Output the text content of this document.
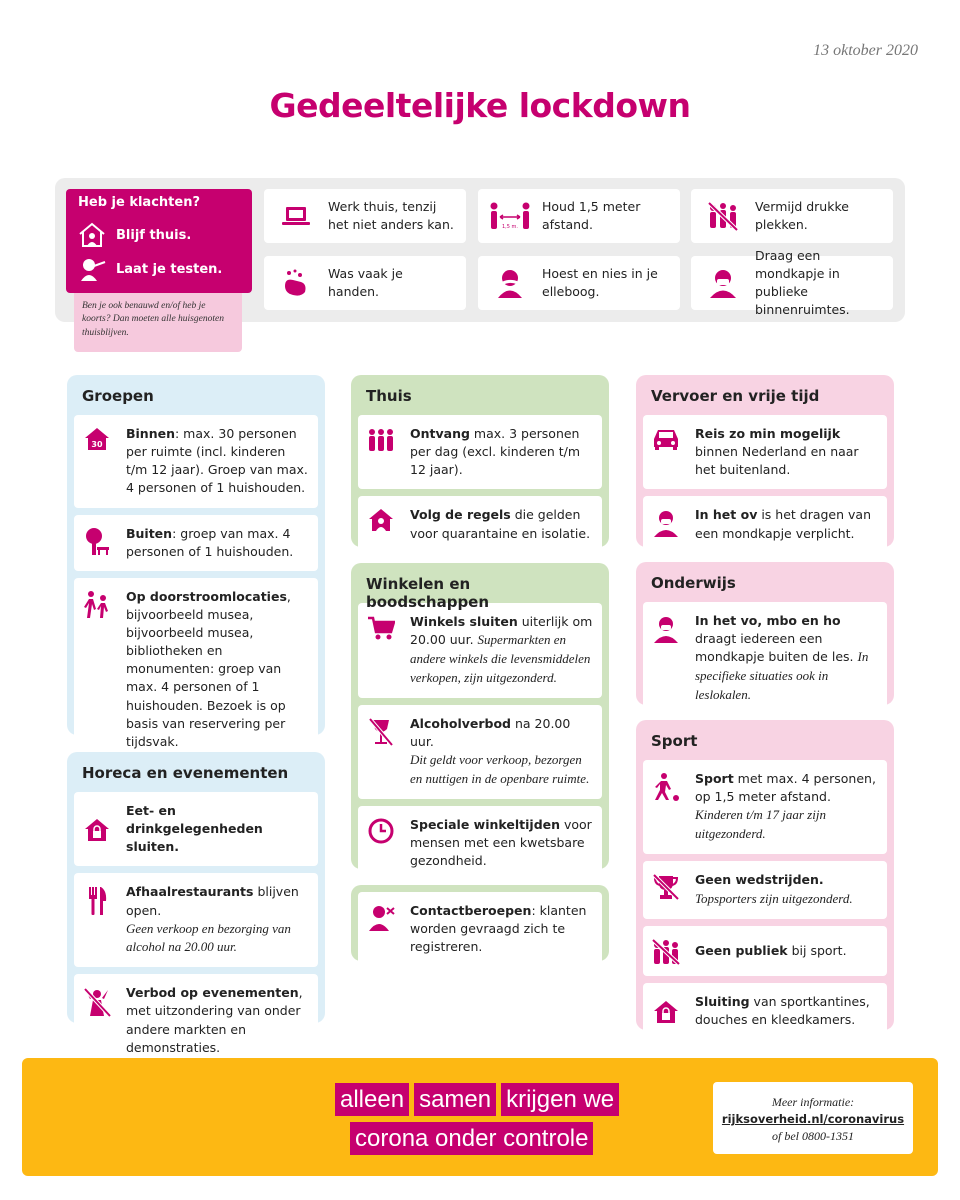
13 oktober 2020
Gedeeltelijke lockdown
Heb je klachten?
Blijf thuis.
Laat je testen.
Ben je ook benauwd en/of heb je koorts? Dan moeten alle huisgenoten thuisblijven.
Werk thuis, tenzij het niet anders kan.	1,5 m.
Houd 1,5 meter afstand.
Vermijd drukke plekken.
Was vaak je handen.
Hoest en nies in je elleboog.
Draag een mondkapje in publieke binnenruimtes.
Groepen
30
Binnen: max. 30 personen per ruimte (incl. kinderen t/m 12 jaar). Groep van max. 4 personen of 1 huishouden.
Buiten: groep van max. 4 personen of 1 huishouden.
Op doorstroomlocaties, bijvoorbeeld musea, bijvoorbeeld musea, bibliotheken en monumenten: groep van max. 4 personen of 1 huishouden. Bezoek is op basis van reservering per tijdsvak.
Horeca en evenementen
Eet- en drinkgelegenheden sluiten.
Afhaalrestaurants blijven open.
Geen verkoop en bezorging van alcohol na 20.00 uur.
Verbod op evenementen, met uitzondering van onder andere markten en demonstraties.
Thuis
Ontvang max. 3 personen per dag (excl. kinderen t/m 12 jaar).
Volg de regels die gelden voor quarantaine en isolatie.
Winkelen en boodschappen
Winkels sluiten uiterlijk om 20.00 uur. Supermarkten en andere winkels die levensmiddelen verkopen, zijn uitgezonderd.
Alcoholverbod na 20.00 uur.
Dit geldt voor verkoop, bezorgen en nuttigen in de openbare ruimte.
Speciale winkeltijden voor mensen met een kwetsbare gezondheid.
Contactberoepen: klanten worden gevraagd zich te registreren.
Vervoer en vrije tijd
Reis zo min mogelijk binnen Nederland en naar het buitenland.
In het ov is het dragen van een mondkapje verplicht.
Onderwijs
In het vo, mbo en ho draagt iedereen een mondkapje buiten de les. In specifieke situaties ook in leslokalen.
Sport
Sport met max. 4 personen, op 1,5 meter afstand. Kinderen t/m 17 jaar zijn uitgezonderd.
Geen wedstrijden. Topsporters zijn uitgezonderd.
Geen publiek bij sport.
Sluiting van sportkantines, douches en kleedkamers.
alleen samen krijgen we
corona onder controle
Meer informatie:
rijksoverheid.nl/coronavirus
of bel 0800-1351
